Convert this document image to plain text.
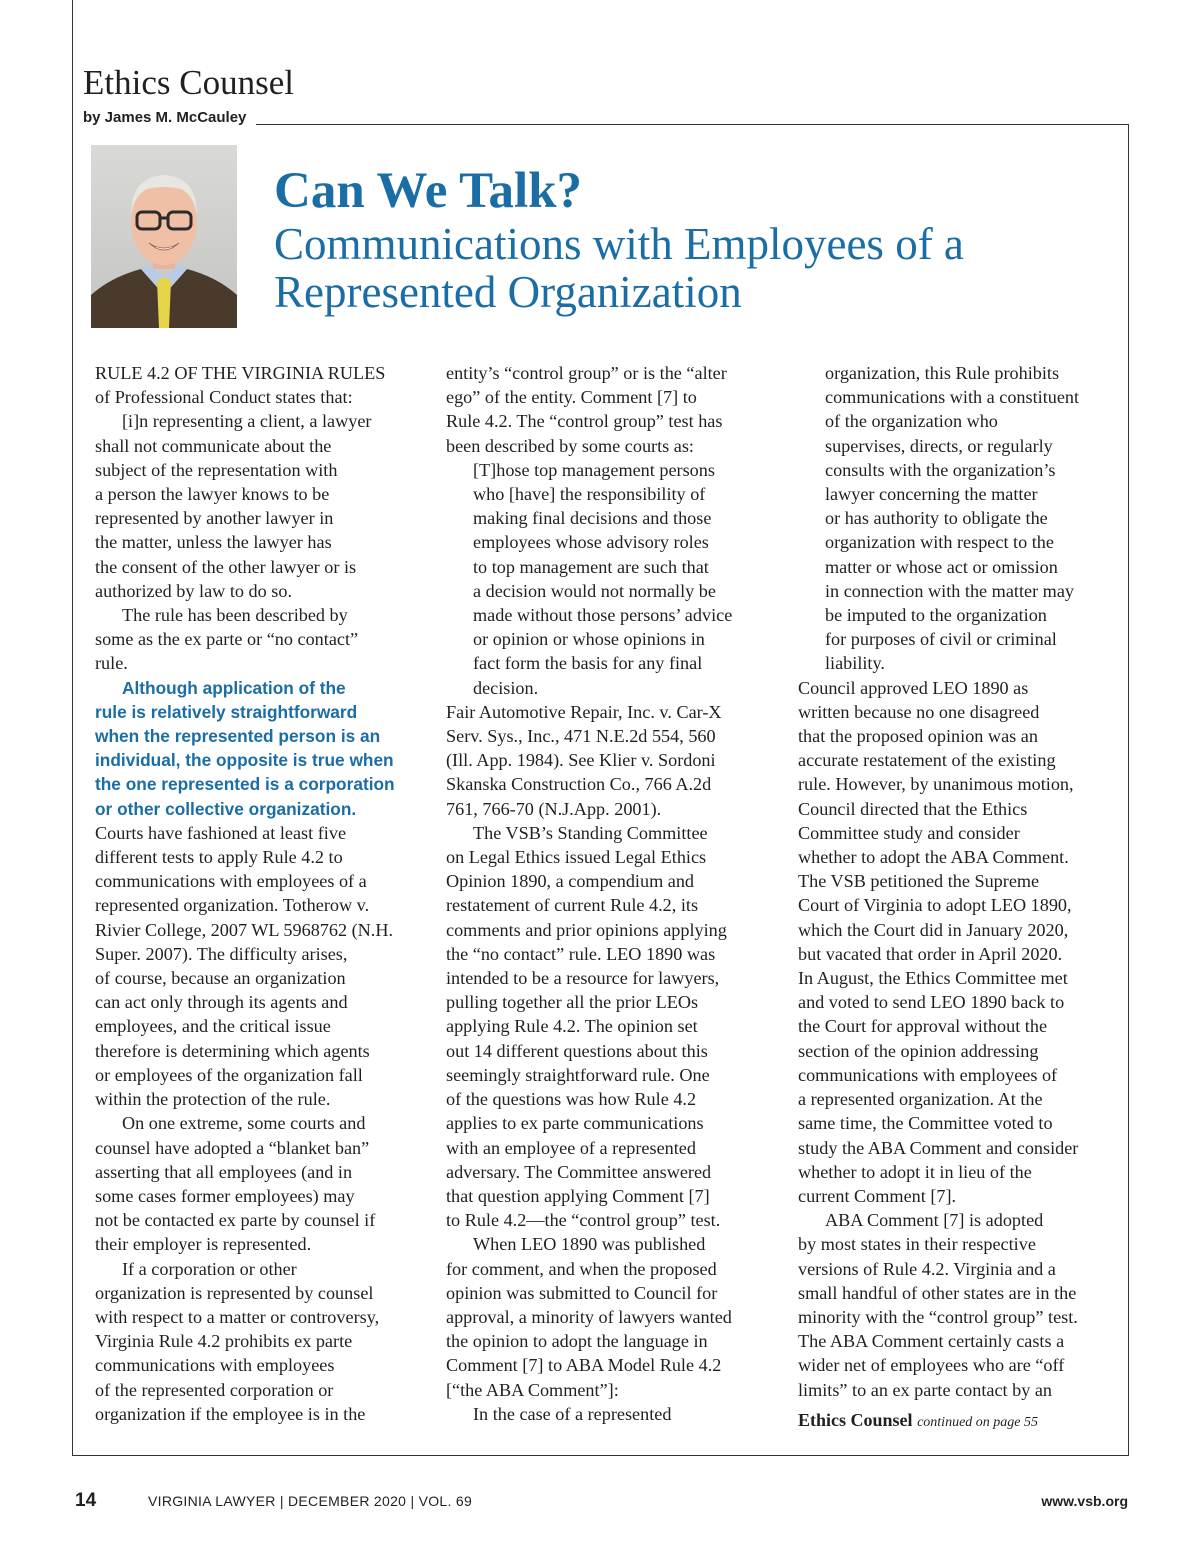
Ethics Counsel
by James M. McCauley
Can We Talk?
Communications with Employees of a
Represented Organization
RULE 4.2 OF THE VIRGINIA RULES
of Professional Conduct states that:
[i]n representing a client, a lawyer
shall not communicate about the
subject of the representation with
a person the lawyer knows to be
represented by another lawyer in
the matter, unless the lawyer has
the consent of the other lawyer or is
authorized by law to do so.
The rule has been described by
some as the ex parte or “no contact”
rule.
Although application of the
rule is relatively straightforward
when the represented person is an
individual, the opposite is true when
the one represented is a corporation
or other collective organization.
Courts have fashioned at least five
different tests to apply Rule 4.2 to
communications with employees of a
represented organization. Totherow v.
Rivier College, 2007 WL 5968762 (N.H.
Super. 2007). The difficulty arises,
of course, because an organization
can act only through its agents and
employees, and the critical issue
therefore is determining which agents
or employees of the organization fall
within the protection of the rule.
On one extreme, some courts and
counsel have adopted a “blanket ban”
asserting that all employees (and in
some cases former employees) may
not be contacted ex parte by counsel if
their employer is represented.
If a corporation or other
organization is represented by counsel
with respect to a matter or controversy,
Virginia Rule 4.2 prohibits ex parte
communications with employees
of the represented corporation or
organization if the employee is in the
entity’s “control group” or is the “alter
ego” of the entity. Comment [7] to
Rule 4.2. The “control group” test has
been described by some courts as:
[T]hose top management persons
who [have] the responsibility of
making final decisions and those
employees whose advisory roles
to top management are such that
a decision would not normally be
made without those persons’ advice
or opinion or whose opinions in
fact form the basis for any final
decision.
Fair Automotive Repair, Inc. v. Car-X
Serv. Sys., Inc., 471 N.E.2d 554, 560
(Ill. App. 1984). See Klier v. Sordoni
Skanska Construction Co., 766 A.2d
761, 766-70 (N.J.App. 2001).
The VSB’s Standing Committee
on Legal Ethics issued Legal Ethics
Opinion 1890, a compendium and
restatement of current Rule 4.2, its
comments and prior opinions applying
the “no contact” rule. LEO 1890 was
intended to be a resource for lawyers,
pulling together all the prior LEOs
applying Rule 4.2. The opinion set
out 14 different questions about this
seemingly straightforward rule. One
of the questions was how Rule 4.2
applies to ex parte communications
with an employee of a represented
adversary. The Committee answered
that question applying Comment [7]
to Rule 4.2—the “control group” test.
When LEO 1890 was published
for comment, and when the proposed
opinion was submitted to Council for
approval, a minority of lawyers wanted
the opinion to adopt the language in
Comment [7] to ABA Model Rule 4.2
[“the ABA Comment”]:
In the case of a represented
organization, this Rule prohibits
communications with a constituent
of the organization who
supervises, directs, or regularly
consults with the organization’s
lawyer concerning the matter
or has authority to obligate the
organization with respect to the
matter or whose act or omission
in connection with the matter may
be imputed to the organization
for purposes of civil or criminal
liability.
Council approved LEO 1890 as
written because no one disagreed
that the proposed opinion was an
accurate restatement of the existing
rule. However, by unanimous motion,
Council directed that the Ethics
Committee study and consider
whether to adopt the ABA Comment.
The VSB petitioned the Supreme
Court of Virginia to adopt LEO 1890,
which the Court did in January 2020,
but vacated that order in April 2020.
In August, the Ethics Committee met
and voted to send LEO 1890 back to
the Court for approval without the
section of the opinion addressing
communications with employees of
a represented organization. At the
same time, the Committee voted to
study the ABA Comment and consider
whether to adopt it in lieu of the
current Comment [7].
ABA Comment [7] is adopted
by most states in their respective
versions of Rule 4.2. Virginia and a
small handful of other states are in the
minority with the “control group” test.
The ABA Comment certainly casts a
wider net of employees who are “off
limits” to an ex parte contact by an
Ethics Counsel continued on page 55
14	VIRGINIA LAWYER | DECEMBER 2020 | VOL. 69	www.vsb.org
